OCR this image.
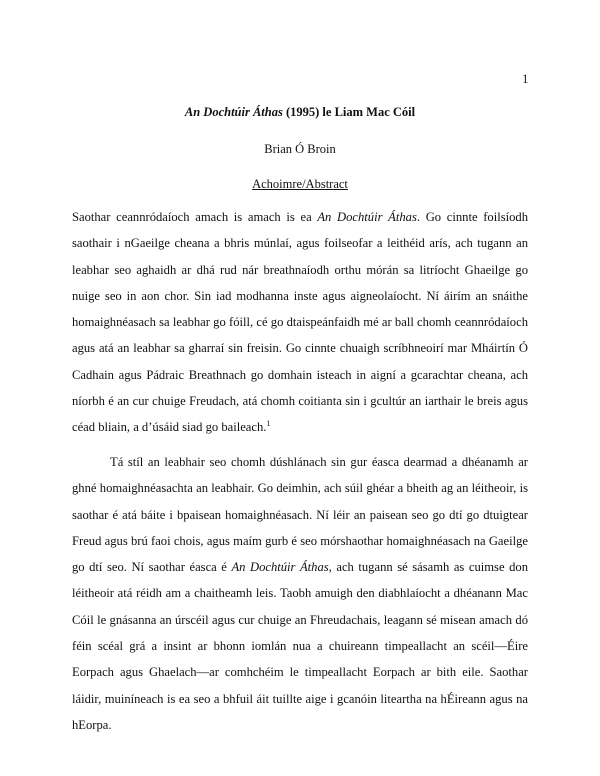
1
An Dochtúir Áthas (1995) le Liam Mac Cóil
Brian Ó Broin
Achoimre/Abstract

Saothar ceannródaíoch amach is amach is ea An Dochtúir Áthas. Go cinnte foilsíodh saothair i nGaeilge cheana a bhris múnlaí, agus foilseofar a leithéid arís, ach tugann an leabhar seo aghaidh ar dhá rud nár breathnaíodh orthu mórán sa litríocht Ghaeilge go nuige seo in aon chor. Sin iad modhanna inste agus aigneolaíocht. Ní áirím an snáithe homaighnéasach sa leabhar go fóill, cé go dtaispeánfaidh mé ar ball chomh ceannródaíoch agus atá an leabhar sa gharraí sin freisin. Go cinnte chuaigh scríbhneoirí mar Mháirtín Ó Cadhain agus Pádraic Breathnach go domhain isteach in aigní a gcarachtar cheana, ach níorbh é an cur chuige Freudach, atá chomh coitianta sin i gcultúr an iarthair le breis agus céad bliain, a d’úsáid siad go baileach.$^1$

Tá stíl an leabhair seo chomh dúshlánach sin gur éasca dearmad a dhéanamh ar ghné homaighnéasachta an leabhair. Go deimhin, ach súil ghéar a bheith ag an léitheoir, is saothar é atá báite i bpaisean homaighnéasach. Ní léir an paisean seo go dtí go dtuigtear Freud agus brú faoi chois, agus maím gurb é seo mórshaothar homaighnéasach na Gaeilge go dtí seo. Ní saothar éasca é An Dochtúir Áthas, ach tugann sé sásamh as cuimse don léitheoir atá réidh am a chaitheamh leis. Taobh amuigh den diabhlaíocht a dhéanann Mac Cóil le gnásanna an úrscéil agus cur chuige an Fhreudachais, leagann sé misean amach dó féin scéal grá a insint ar bhonn iomlán nua a chuireann timpeallacht an scéil—Éire Eorpach agus Ghaelach—ar comhchéim le timpeallacht Eorpach ar bith eile. Saothar láidir, muiníneach is ea seo a bhfuil áit tuillte aige i gcanóin liteartha na hÉireann agus na hEorpa.
